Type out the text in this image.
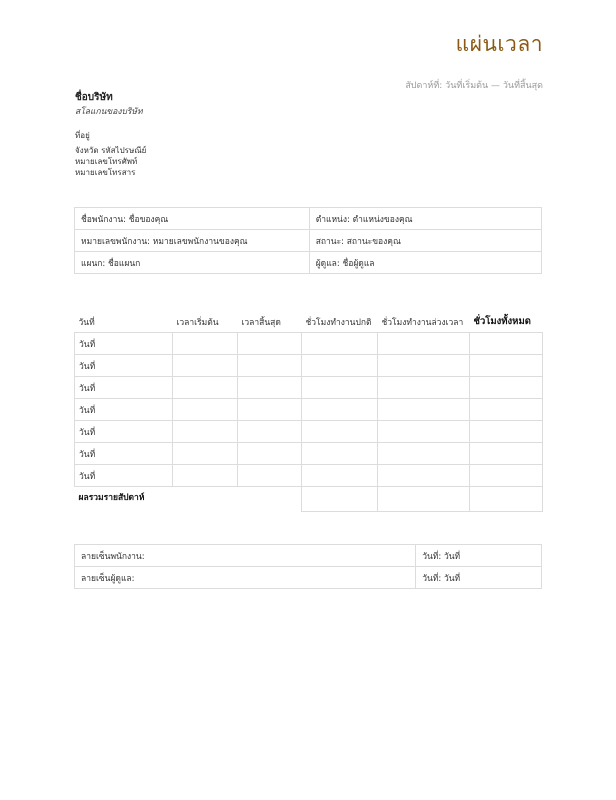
แผ่นเวลา
สัปดาห์ที่: วันที่เริ่มต้น — วันที่สิ้นสุด
ชื่อบริษัท
สโลแกนของบริษัท
ที่อยู่
จังหวัด รหัสไปรษณีย์
หมายเลขโทรศัพท์
หมายเลขโทรสาร
ชื่อพนักงาน: ชื่อของคุณ	ตำแหน่ง: ตำแหน่งของคุณ
หมายเลขพนักงาน: หมายเลขพนักงานของคุณ	สถานะ: สถานะของคุณ
แผนก: ชื่อแผนก	ผู้ดูแล: ชื่อผู้ดูแล
วันที่	เวลาเริ่มต้น	เวลาสิ้นสุด	ชั่วโมงทำงานปกติ	ชั่วโมงทำงานล่วงเวลา	ชั่วโมงทั้งหมด
วันที่					
วันที่					
วันที่					
วันที่					
วันที่					
วันที่					
วันที่					
ผลรวมรายสัปดาห์					
ลายเซ็นพนักงาน:	วันที่: วันที่
ลายเซ็นผู้ดูแล:	วันที่: วันที่
